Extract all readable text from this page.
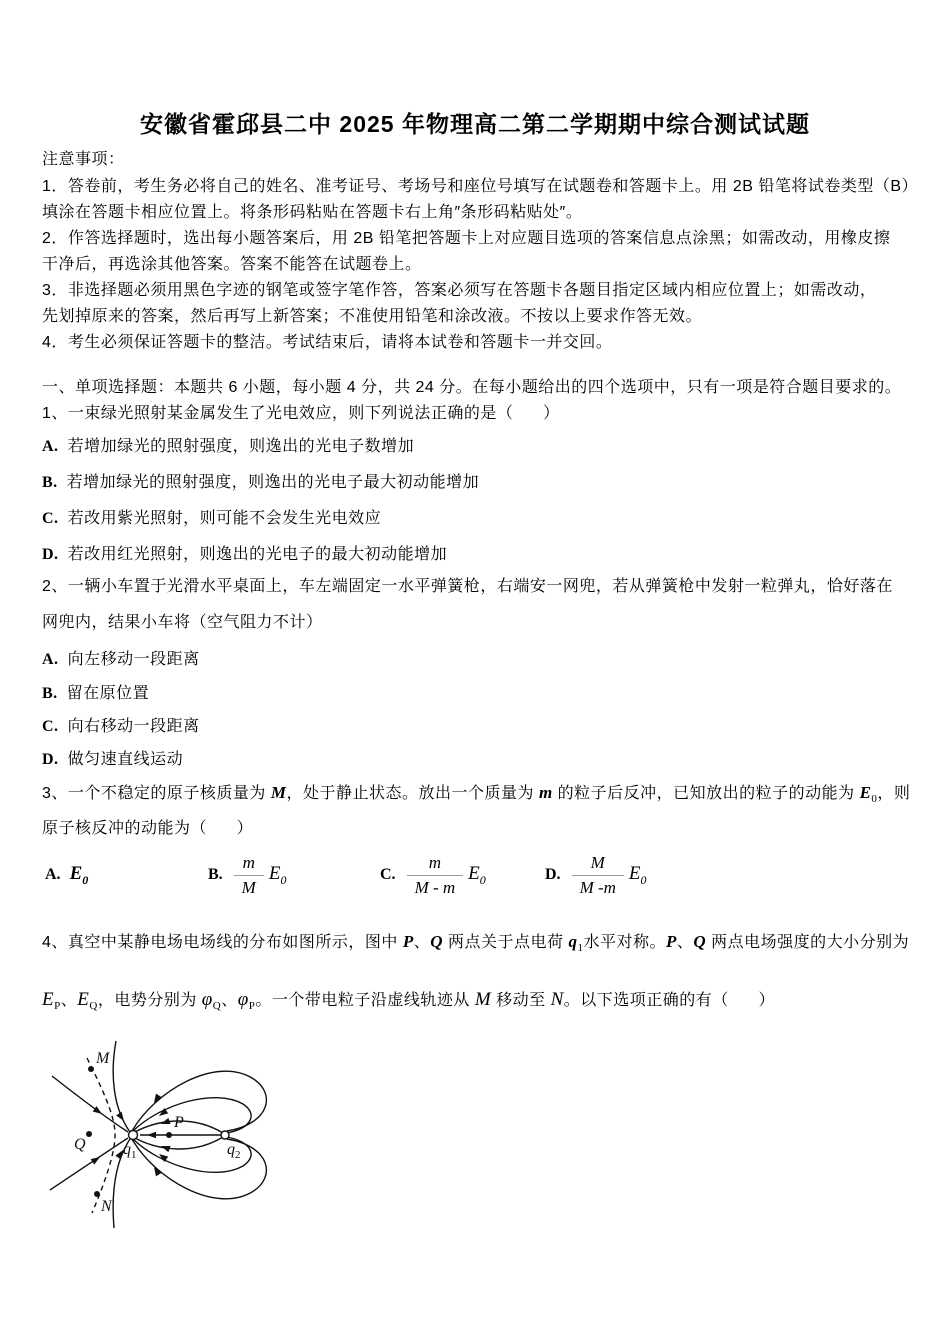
安徽省霍邱县二中 2025 年物理高二第二学期期中综合测试试题
注意事项：
1．答卷前，考生务必将自己的姓名、准考证号、考场号和座位号填写在试题卷和答题卡上。用 2B 铅笔将试卷类型（B）
填涂在答题卡相应位置上。将条形码粘贴在答题卡右上角″条形码粘贴处″。
2．作答选择题时，选出每小题答案后，用 2B 铅笔把答题卡上对应题目选项的答案信息点涂黑；如需改动，用橡皮擦
干净后，再选涂其他答案。答案不能答在试题卷上。
3．非选择题必须用黑色字迹的钢笔或签字笔作答，答案必须写在答题卡各题目指定区域内相应位置上；如需改动，
先划掉原来的答案，然后再写上新答案；不准使用铅笔和涂改液。不按以上要求作答无效。
4．考生必须保证答题卡的整洁。考试结束后，请将本试卷和答题卡一并交回。
一、单项选择题：本题共 6 小题，每小题 4 分，共 24 分。在每小题给出的四个选项中，只有一项是符合题目要求的。
1、一束绿光照射某金属发生了光电效应，则下列说法正确的是（      ）
A. 若增加绿光的照射强度，则逸出的光电子数增加
B. 若增加绿光的照射强度，则逸出的光电子最大初动能增加
C. 若改用紫光照射，则可能不会发生光电效应
D. 若改用红光照射，则逸出的光电子的最大初动能增加
2、一辆小车置于光滑水平桌面上，车左端固定一水平弹簧枪，右端安一网兜，若从弹簧枪中发射一粒弹丸，恰好落在
网兜内，结果小车将（空气阻力不计）
A. 向左移动一段距离
B. 留在原位置
C. 向右移动一段距离
D. 做匀速直线运动
3、一个不稳定的原子核质量为 M，处于静止状态。放出一个质量为 m 的粒子后反冲，已知放出的粒子的动能为 $E_0$，则
原子核反冲的动能为（      ）
A. $E_0$	B. $\frac{m}{M} E_0$	C. $\frac{m}{M - m} E_0$	D. $\frac{M}{M -m} E_0$
4、真空中某静电场电场线的分布如图所示，图中 P、Q 两点关于点电荷 $q_1$水平对称。P、Q 两点电场强度的大小分别为
$E_P$、$E_Q$，电势分别为 $\varphi_Q$、$\varphi_P$。一个带电粒子沿虚线轨迹从 M 移动至 N。以下选项正确的有（      ）
M
Q
N
P
$q_1$	$q_2$
